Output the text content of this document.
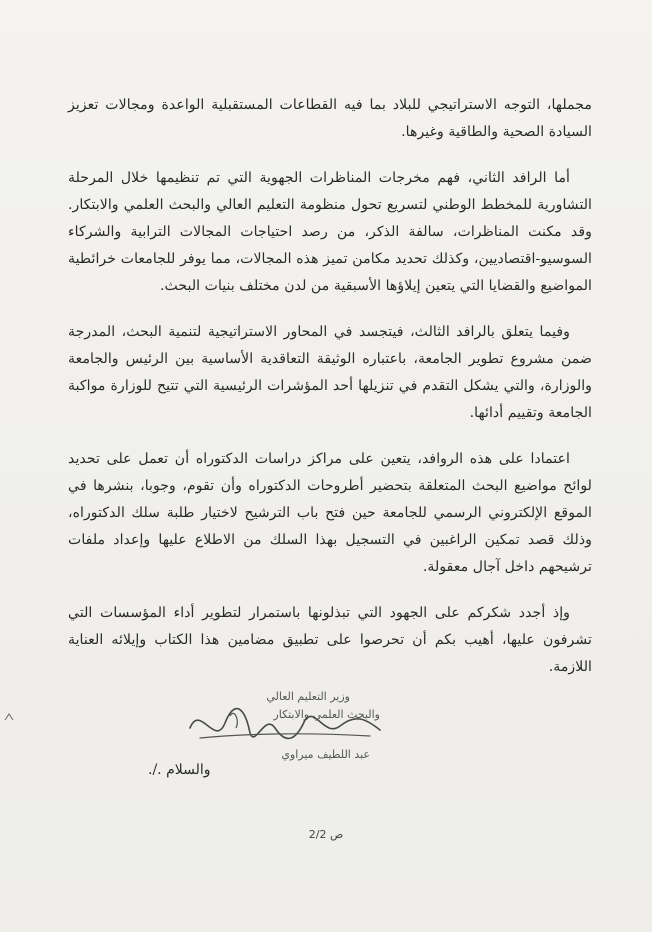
مجملها، التوجه الاستراتيجي للبلاد بما فيه القطاعات المستقبلية الواعدة ومجالات تعزيز السيادة الصحية والطاقية وغيرها.

أما الرافد الثاني، فهم مخرجات المناظرات الجهوية التي تم تنظيمها خلال المرحلة التشاورية للمخطط الوطني لتسريع تحول منظومة التعليم العالي والبحث العلمي والابتكار. وقد مكنت المناظرات، سالفة الذكر، من رصد احتياجات المجالات الترابية والشركاء السوسيو-اقتصاديين، وكذلك تحديد مكامن تميز هذه المجالات، مما يوفر للجامعات خرائطية المواضيع والقضايا التي يتعين إيلاؤها الأسبقية من لدن مختلف بنيات البحث.

وفيما يتعلق بالرافد الثالث، فيتجسد في المحاور الاستراتيجية لتنمية البحث، المدرجة ضمن مشروع تطوير الجامعة، باعتباره الوثيقة التعاقدية الأساسية بين الرئيس والجامعة والوزارة، والتي يشكل التقدم في تنزيلها أحد المؤشرات الرئيسية التي تتيح للوزارة مواكبة الجامعة وتقييم أدائها.

اعتمادا على هذه الروافد، يتعين على مراكز دراسات الدكتوراه أن تعمل على تحديد لوائح مواضيع البحث المتعلقة بتحضير أطروحات الدكتوراه وأن تقوم، وجوبا، بنشرها في الموقع الإلكتروني الرسمي للجامعة حين فتح باب الترشيح لاختيار طلبة سلك الدكتوراه، وذلك قصد تمكين الراغبين في التسجيل بهذا السلك من الاطلاع عليها وإعداد ملفات ترشيحهم داخل آجال معقولة.

وإذ أجدد شكركم على الجهود التي تبذلونها باستمرار لتطوير أداء المؤسسات التي تشرفون عليها، أهيب بكم أن تحرصوا على تطبيق مضامين هذا الكتاب وإيلائه العناية اللازمة.

وزير التعليم العالي
والبحث العلمي والابتكار
عبد اللطيف ميراوي
والسلام ./.
ص 2/2
